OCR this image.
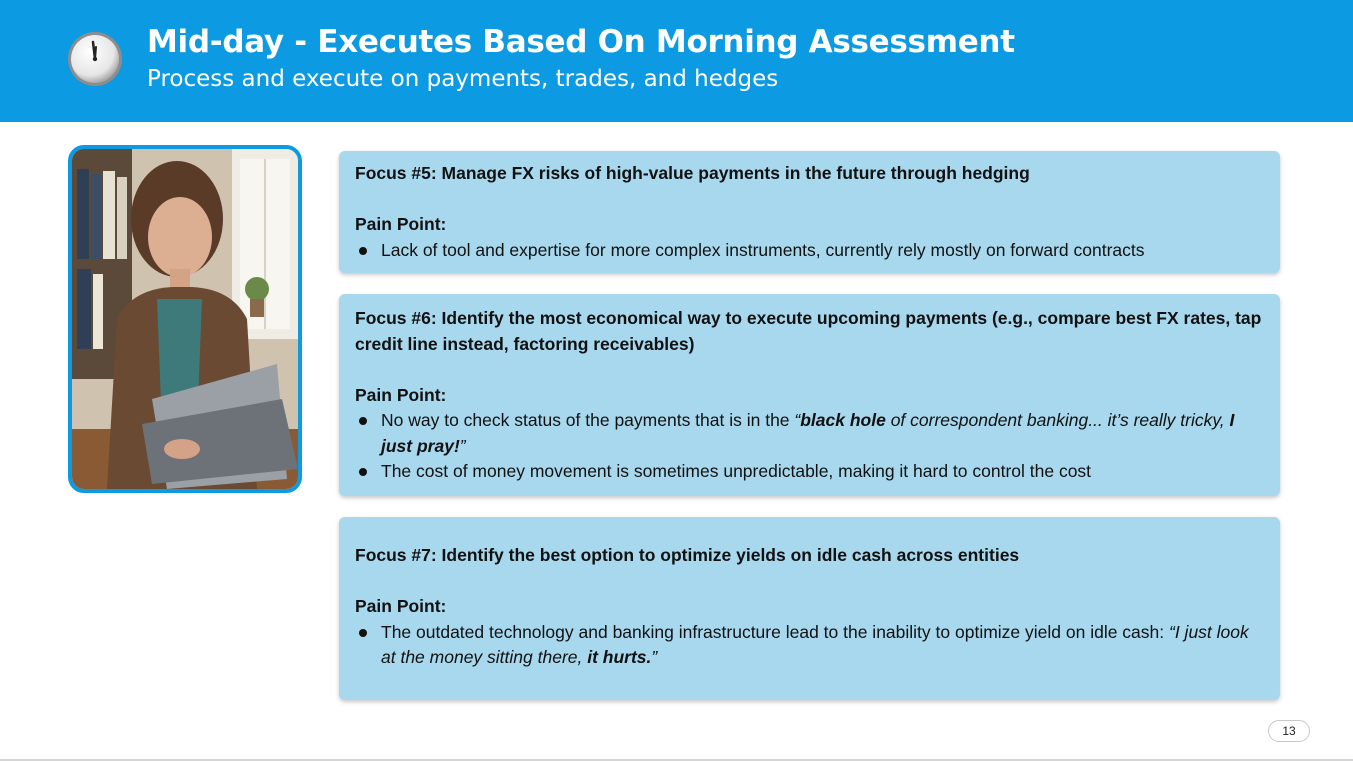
Mid-day - Executes Based On Morning Assessment
Process and execute on payments, trades, and hedges
Focus #5: Manage FX risks of high-value payments in the future through hedging
Pain Point:
Lack of tool and expertise for more complex instruments, currently rely mostly on forward contracts
Focus #6: Identify the most economical way to execute upcoming payments (e.g., compare best FX rates, tap credit line instead, factoring receivables)
Pain Point:
No way to check status of the payments that is in the “black hole of correspondent banking... it’s really tricky, I just pray!”
The cost of money movement is sometimes unpredictable, making it hard to control the cost
Focus #7: Identify the best option to optimize yields on idle cash across entities
Pain Point:
The outdated technology and banking infrastructure lead to the inability to optimize yield on idle cash: “I just look at the money sitting there, it hurts.”
13
